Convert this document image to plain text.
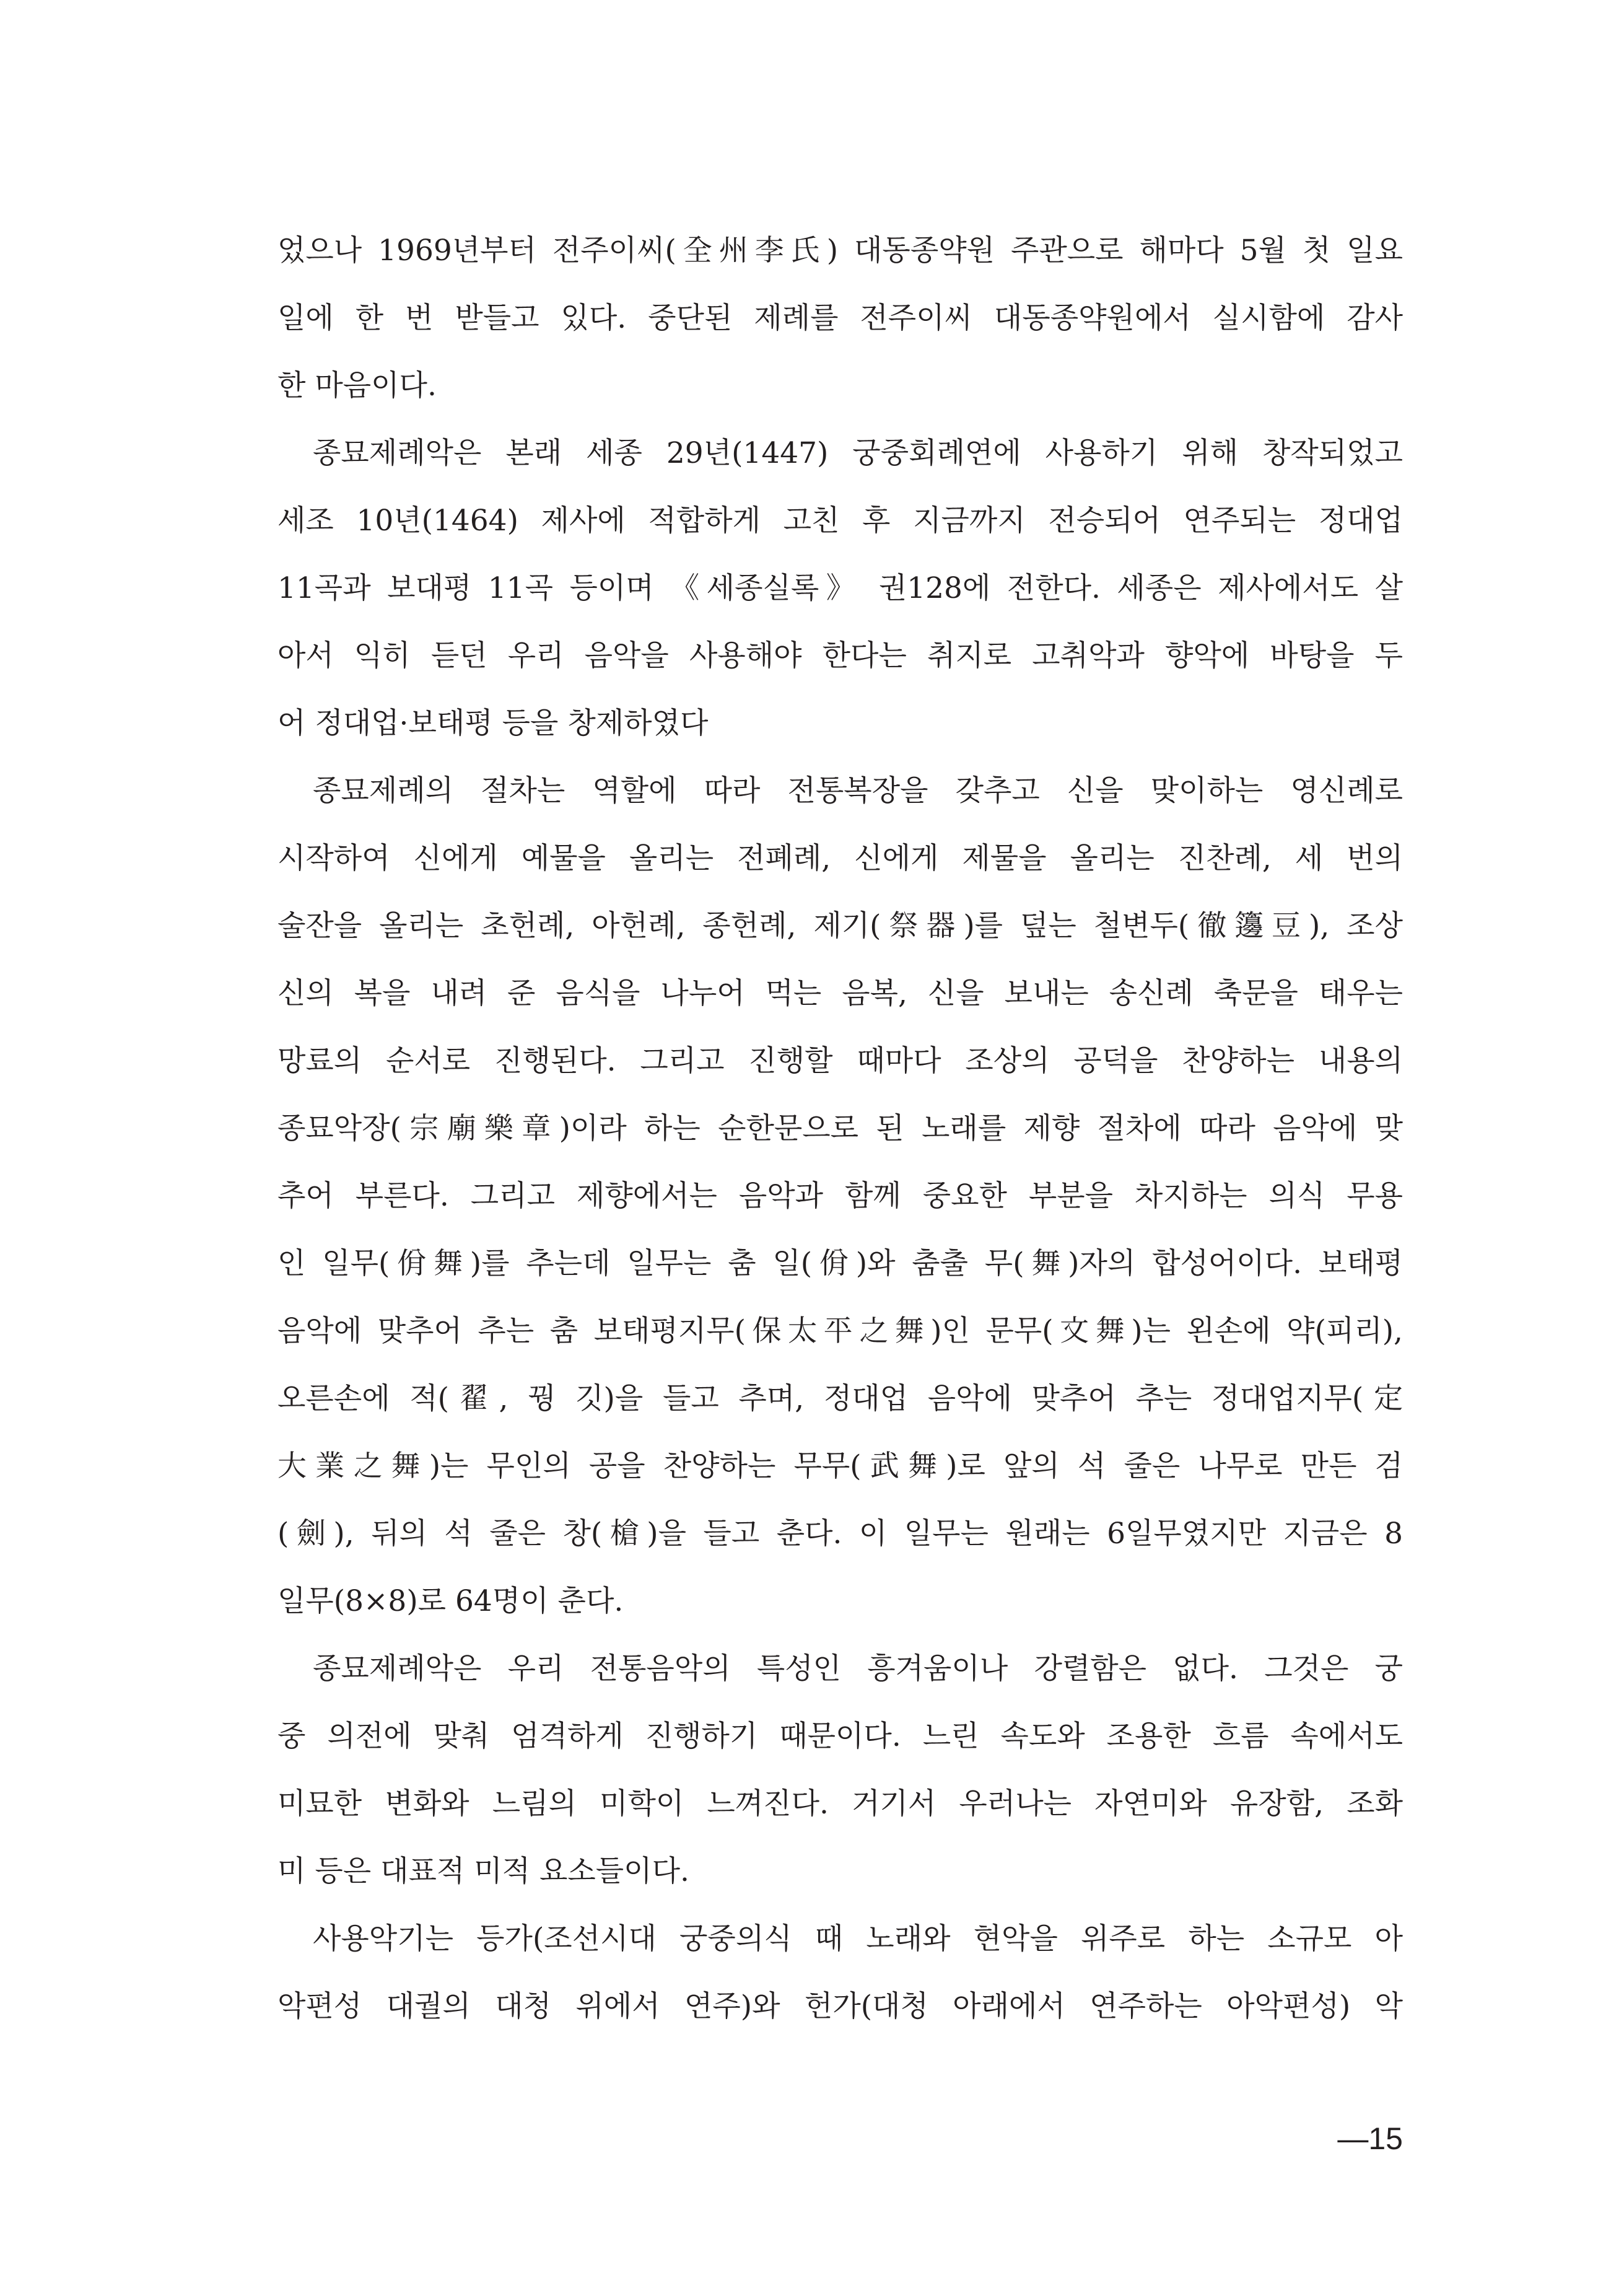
었으나 1969년부터 전주이씨(全州李氏) 대동종약원 주관으로 해마다 5월 첫 일요
일에 한 번 받들고 있다. 중단된 제례를 전주이씨 대동종약원에서 실시함에 감사
한 마음이다.
종묘제례악은 본래 세종 29년(1447) 궁중회례연에 사용하기 위해 창작되었고
세조 10년(1464) 제사에 적합하게 고친 후 지금까지 전승되어 연주되는 정대업
11곡과 보대평 11곡 등이며 《세종실록》 권128에 전한다. 세종은 제사에서도 살
아서 익히 듣던 우리 음악을 사용해야 한다는 취지로 고취악과 향악에 바탕을 두
어 정대업·보태평 등을 창제하였다
종묘제례의 절차는 역할에 따라 전통복장을 갖추고 신을 맞이하는 영신례로
시작하여 신에게 예물을 올리는 전폐례, 신에게 제물을 올리는 진찬례, 세 번의
술잔을 올리는 초헌례, 아헌례, 종헌례, 제기(祭器)를 덮는 철변두(徹籩豆), 조상
신의 복을 내려 준 음식을 나누어 먹는 음복, 신을 보내는 송신례 축문을 태우는
망료의 순서로 진행된다. 그리고 진행할 때마다 조상의 공덕을 찬양하는 내용의
종묘악장(宗廟樂章)이라 하는 순한문으로 된 노래를 제향 절차에 따라 음악에 맞
추어 부른다. 그리고 제향에서는 음악과 함께 중요한 부분을 차지하는 의식 무용
인 일무(佾舞)를 추는데 일무는 춤 일(佾)와 춤출 무(舞)자의 합성어이다. 보태평
음악에 맞추어 추는 춤 보태평지무(保太平之舞)인 문무(文舞)는 왼손에 약(피리),
오른손에 적(翟, 꿩 깃)을 들고 추며, 정대업 음악에 맞추어 추는 정대업지무(定
大業之舞)는 무인의 공을 찬양하는 무무(武舞)로 앞의 석 줄은 나무로 만든 검
(劍), 뒤의 석 줄은 창(槍)을 들고 춘다. 이 일무는 원래는 6일무였지만 지금은 8
일무(8×8)로 64명이 춘다.
종묘제례악은 우리 전통음악의 특성인 흥겨움이나 강렬함은 없다. 그것은 궁
중 의전에 맞춰 엄격하게 진행하기 때문이다. 느린 속도와 조용한 흐름 속에서도
미묘한 변화와 느림의 미학이 느껴진다. 거기서 우러나는 자연미와 유장함, 조화
미 등은 대표적 미적 요소들이다.
사용악기는 등가(조선시대 궁중의식 때 노래와 현악을 위주로 하는 소규모 아
악편성 대궐의 대청 위에서 연주)와 헌가(대청 아래에서 연주하는 아악편성) 악
—15
